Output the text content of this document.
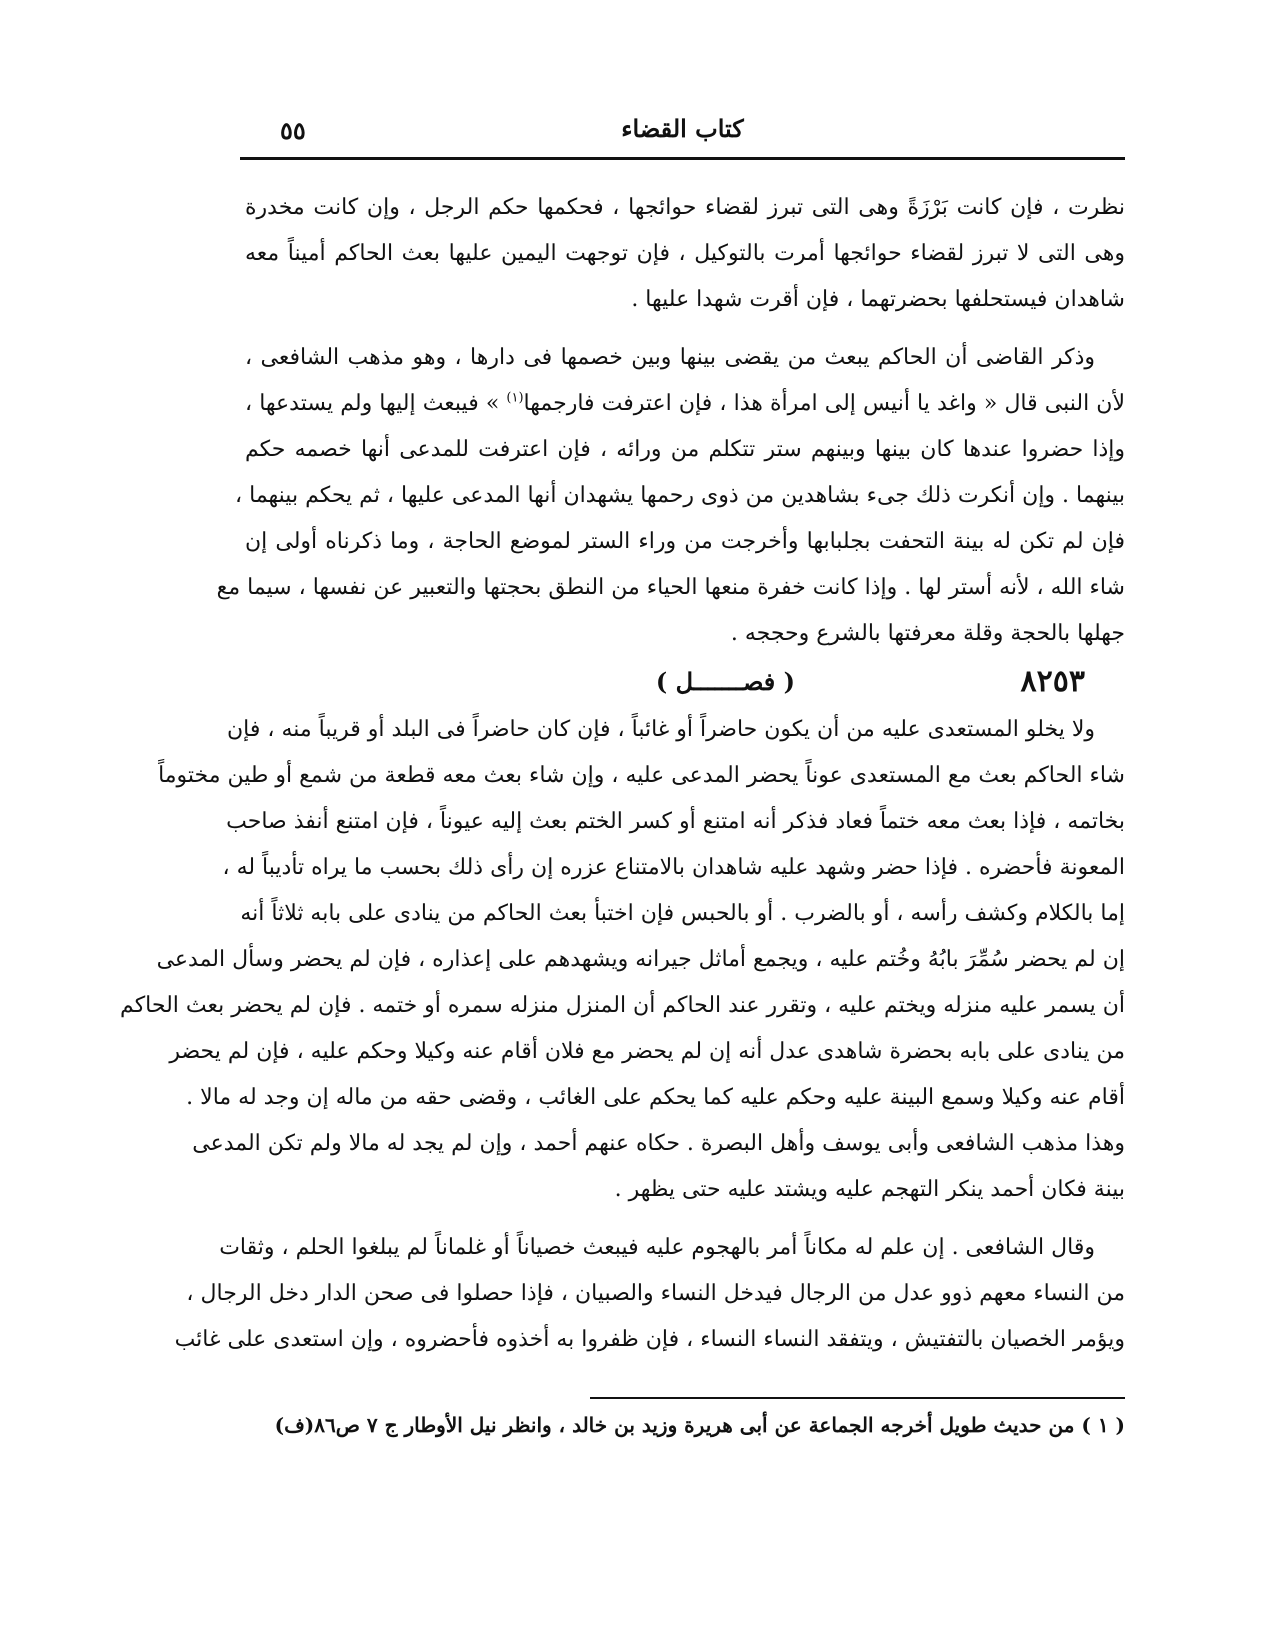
كتاب القضاء
٥٥
نظرت ، فإن كانت بَرْزَةً وهى التى تبرز لقضاء حوائجها ، فحكمها حكم الرجل ، وإن كانت مخدرة
وهى التى لا تبرز لقضاء حوائجها أمرت بالتوكيل ، فإن توجهت اليمين عليها بعث الحاكم أميناً معه
شاهدان فيستحلفها بحضرتهما ، فإن أقرت شهدا عليها .
وذكر القاضى أن الحاكم يبعث من يقضى بينها وبين خصمها فى دارها ، وهو مذهب الشافعى ،
لأن النبى قال « واغد يا أنيس إلى امرأة هذا ، فإن اعترفت فارجمها$^{(١)}$ » فيبعث إليها ولم يستدعها ،
وإذا حضروا عندها كان بينها وبينهم ستر تتكلم من ورائه ، فإن اعترفت للمدعى أنها خصمه حكم
بينهما . وإن أنكرت ذلك جىء بشاهدين من ذوى رحمها يشهدان أنها المدعى عليها ، ثم يحكم بينهما ،
فإن لم تكن له بينة التحفت بجلبابها وأخرجت من وراء الستر لموضع الحاجة ، وما ذكرناه أولى إن
شاء الله ، لأنه أستر لها . وإذا كانت خفرة منعها الحياء من النطق بحجتها والتعبير عن نفسها ، سيما مع
جهلها بالحجة وقلة معرفتها بالشرع وحججه .
٨٢٥٣
( فصـــــــل )
ولا يخلو المستعدى عليه من أن يكون حاضراً أو غائباً ، فإن كان حاضراً فى البلد أو قريباً منه ، فإن
شاء الحاكم بعث مع المستعدى عوناً يحضر المدعى عليه ، وإن شاء بعث معه قطعة من شمع أو طين مختوماً
بخاتمه ، فإذا بعث معه ختماً فعاد فذكر أنه امتنع أو كسر الختم بعث إليه عيوناً ، فإن امتنع أنفذ صاحب
المعونة فأحضره . فإذا حضر وشهد عليه شاهدان بالامتناع عزره إن رأى ذلك بحسب ما يراه تأديباً له ،
إما بالكلام وكشف رأسه ، أو بالضرب . أو بالحبس فإن اختبأ بعث الحاكم من ينادى على بابه ثلاثاً أنه
إن لم يحضر سُمِّرَ بابُهُ وخُتم عليه ، ويجمع أماثل جيرانه ويشهدهم على إعذاره ، فإن لم يحضر وسأل المدعى
أن يسمر عليه منزله ويختم عليه ، وتقرر عند الحاكم أن المنزل منزله سمره أو ختمه . فإن لم يحضر بعث الحاكم
من ينادى على بابه بحضرة شاهدى عدل أنه إن لم يحضر مع فلان أقام عنه وكيلا وحكم عليه ، فإن لم يحضر
أقام عنه وكيلا وسمع البينة عليه وحكم عليه كما يحكم على الغائب ، وقضى حقه من ماله إن وجد له مالا .
وهذا مذهب الشافعى وأبى يوسف وأهل البصرة . حكاه عنهم أحمد ، وإن لم يجد له مالا ولم تكن المدعى
بينة فكان أحمد ينكر التهجم عليه ويشتد عليه حتى يظهر .
وقال الشافعى . إن علم له مكاناً أمر بالهجوم عليه فيبعث خصياناً أو غلماناً لم يبلغوا الحلم ، وثقات
من النساء معهم ذوو عدل من الرجال فيدخل النساء والصبيان ، فإذا حصلوا فى صحن الدار دخل الرجال ،
ويؤمر الخصيان بالتفتيش ، ويتفقد النساء النساء ، فإن ظفروا به أخذوه فأحضروه ، وإن استعدى على غائب
( ١ ) من حديث طويل أخرجه الجماعة عن أبى هريرة وزيد بن خالد ، وانظر نيل الأوطار ج ٧ ص٨٦(ف)
